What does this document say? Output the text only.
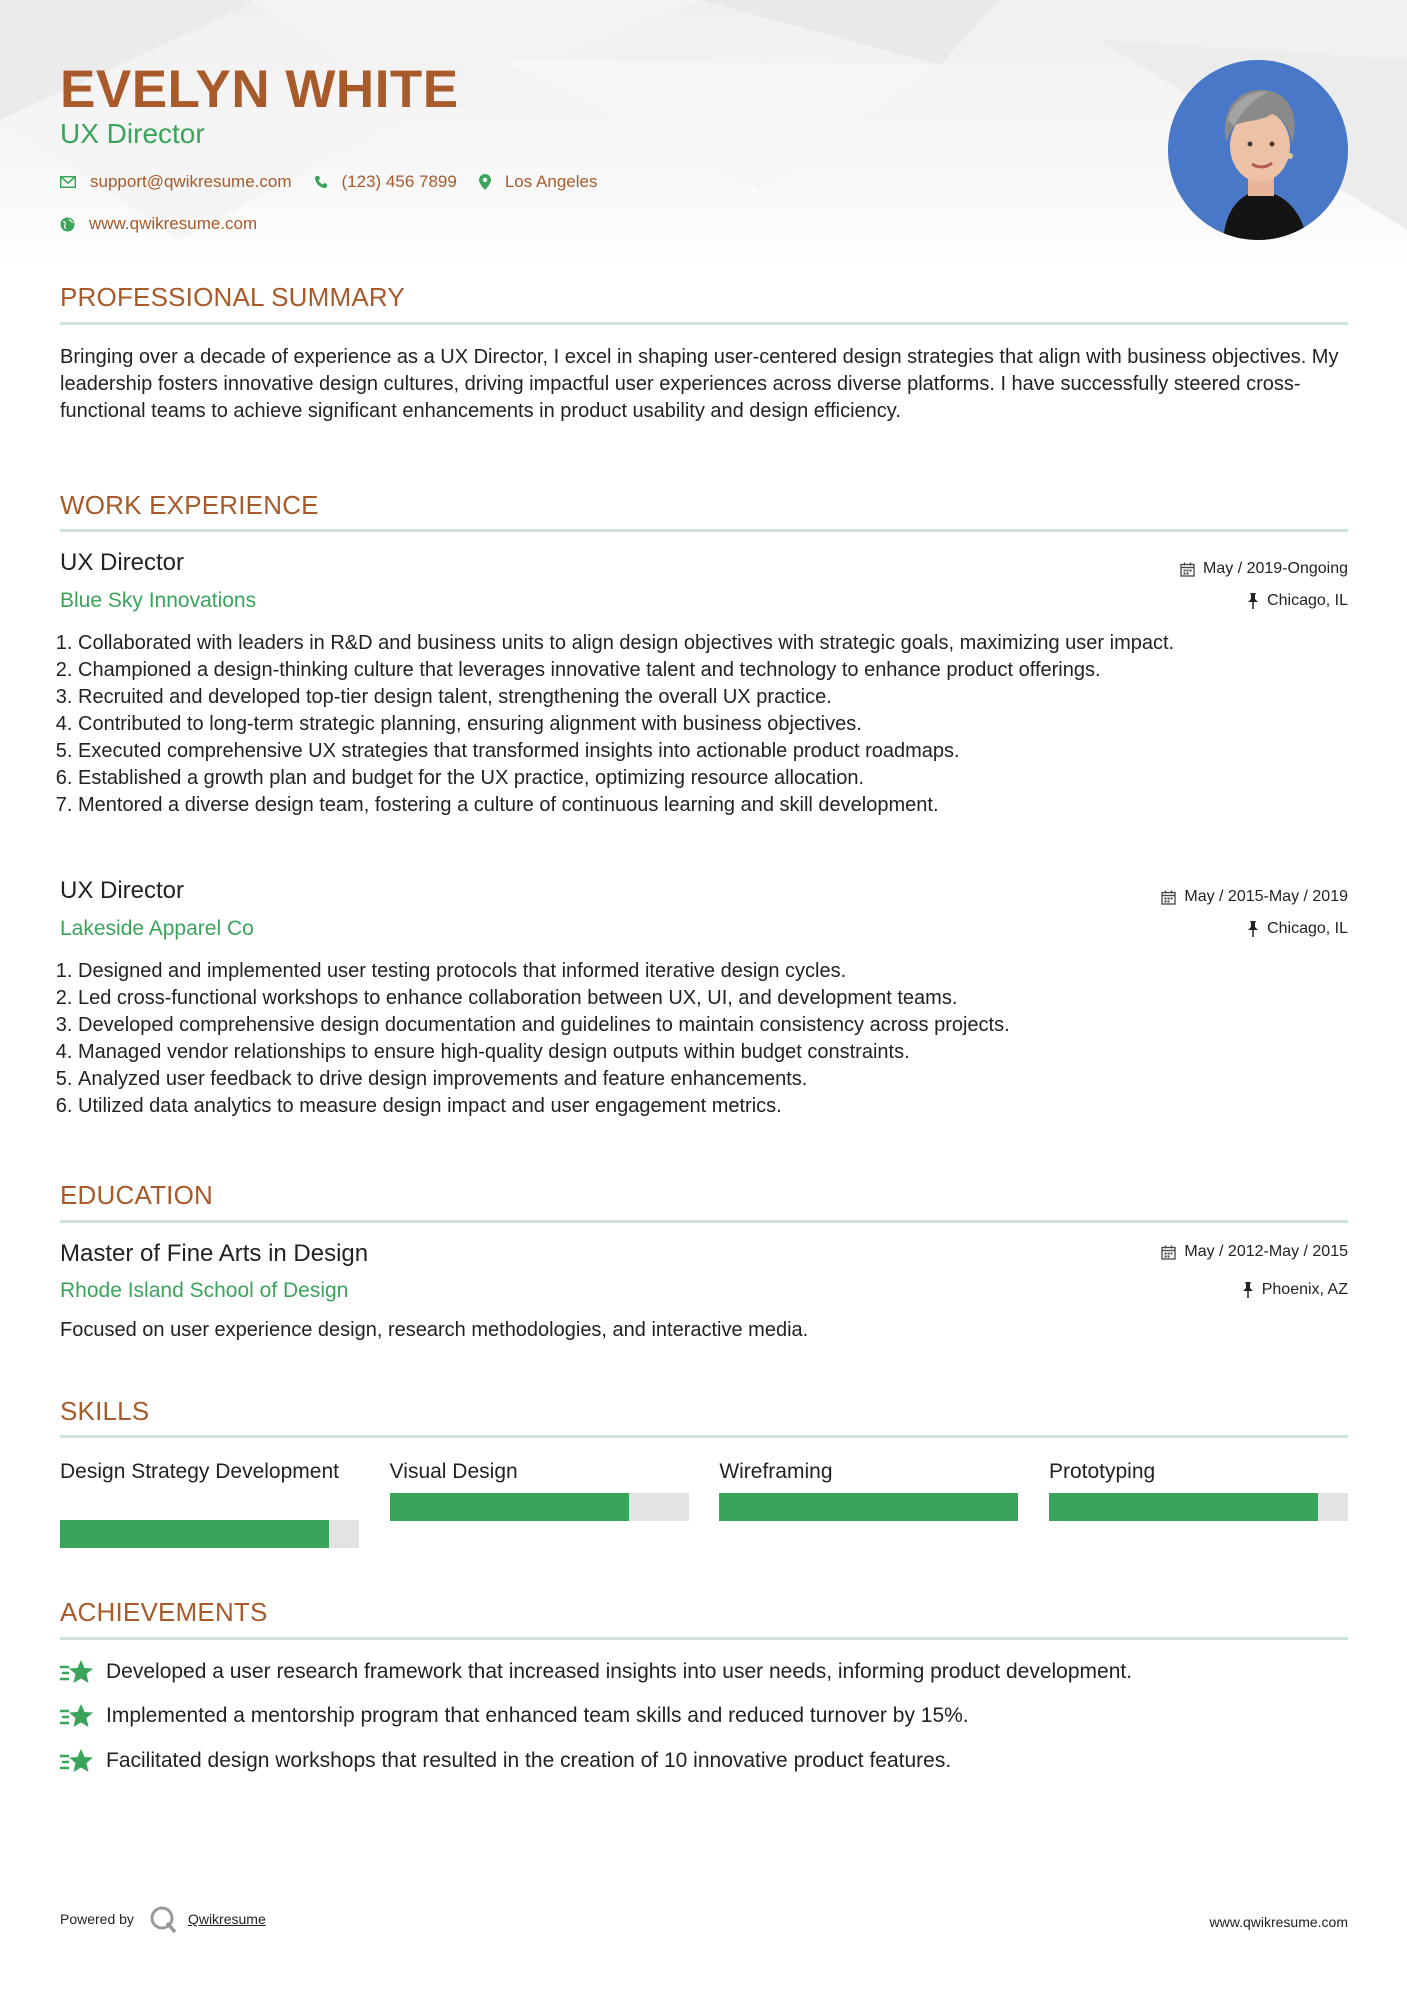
EVELYN WHITE
UX Director
support@qwikresume.com	(123) 456 7899	Los Angeles
www.qwikresume.com
PROFESSIONAL SUMMARY

Bringing over a decade of experience as a UX Director, I excel in shaping user-centered design strategies that align with business objectives. My leadership fosters innovative design cultures, driving impactful user experiences across diverse platforms. I have successfully steered cross-functional teams to achieve significant enhancements in product usability and design efficiency.

WORK EXPERIENCE
UX Director	May / 2019-Ongoing
Blue Sky Innovations	Chicago, IL
1. Collaborated with leaders in R&D and business units to align design objectives with strategic goals, maximizing user impact.
2. Championed a design-thinking culture that leverages innovative talent and technology to enhance product offerings.
3. Recruited and developed top-tier design talent, strengthening the overall UX practice.
4. Contributed to long-term strategic planning, ensuring alignment with business objectives.
5. Executed comprehensive UX strategies that transformed insights into actionable product roadmaps.
6. Established a growth plan and budget for the UX practice, optimizing resource allocation.
7. Mentored a diverse design team, fostering a culture of continuous learning and skill development.
UX Director	May / 2015-May / 2019
Lakeside Apparel Co	Chicago, IL
1. Designed and implemented user testing protocols that informed iterative design cycles.
2. Led cross-functional workshops to enhance collaboration between UX, UI, and development teams.
3. Developed comprehensive design documentation and guidelines to maintain consistency across projects.
4. Managed vendor relationships to ensure high-quality design outputs within budget constraints.
5. Analyzed user feedback to drive design improvements and feature enhancements.
6. Utilized data analytics to measure design impact and user engagement metrics.
EDUCATION
Master of Fine Arts in Design	May / 2012-May / 2015
Rhode Island School of Design	Phoenix, AZ

Focused on user experience design, research methodologies, and interactive media.

SKILLS
Design Strategy Development	Visual Design	Wireframing	Prototyping
ACHIEVEMENTS
Developed a user research framework that increased insights into user needs, informing product development.
Implemented a mentorship program that enhanced team skills and reduced turnover by 15%.
Facilitated design workshops that resulted in the creation of 10 innovative product features.
Powered by	Qwikresume	www.qwikresume.com
